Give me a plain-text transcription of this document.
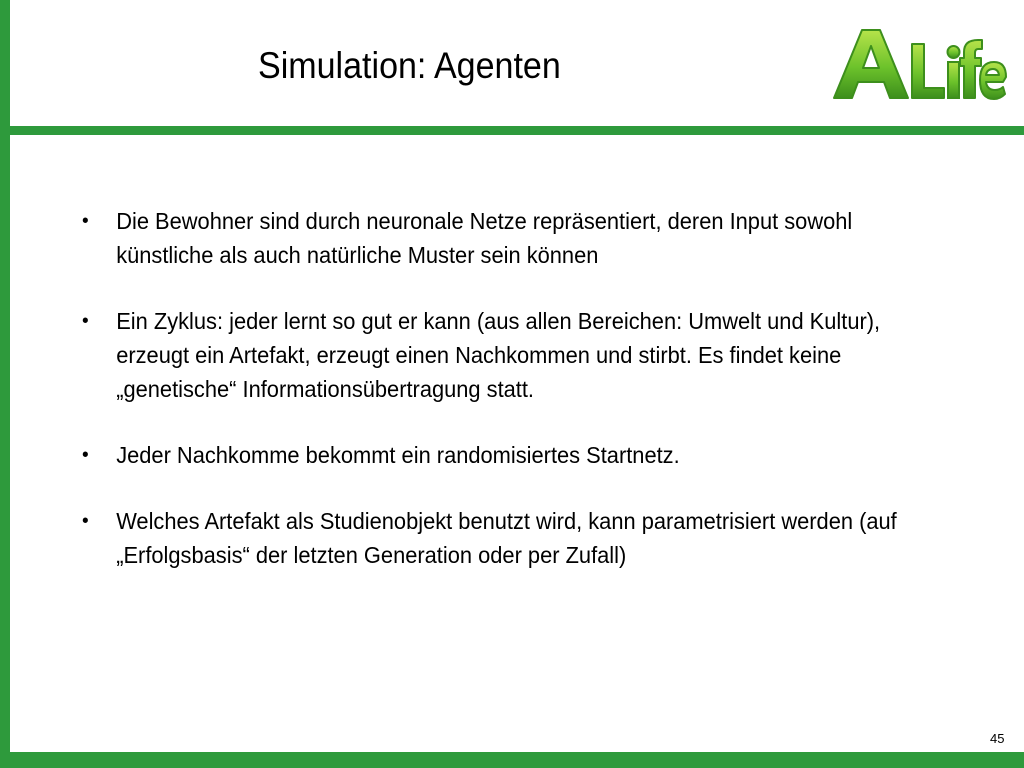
Simulation: Agenten
• Die Bewohner sind durch neuronale Netze repräsentiert, deren Input sowohl künstliche als auch natürliche Muster sein können
• Ein Zyklus: jeder lernt so gut er kann (aus allen Bereichen: Umwelt und Kultur), erzeugt ein Artefakt, erzeugt einen Nachkommen und stirbt. Es findet keine „genetische“ Informationsübertragung statt.
• Jeder Nachkomme bekommt ein randomisiertes Startnetz.
• Welches Artefakt als Studienobjekt benutzt wird, kann parametrisiert werden (auf „Erfolgsbasis“ der letzten Generation oder per Zufall)
45
